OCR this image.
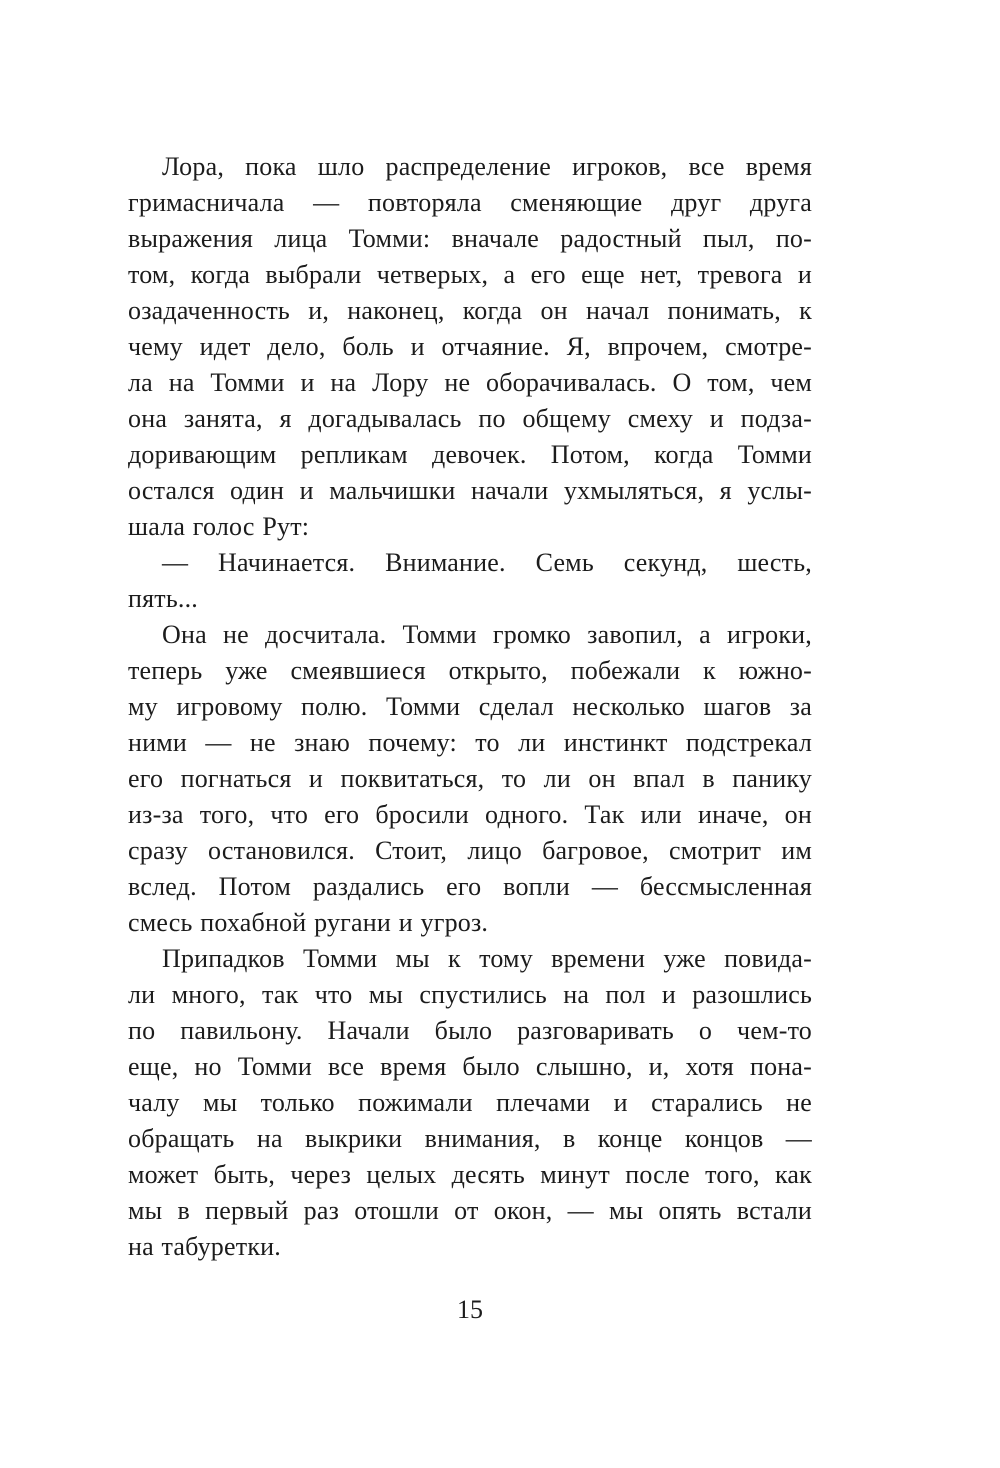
Лора, пока шло распределение игроков, все время
гримасничала — повторяла сменяющие друг друга
выражения лица Томми: вначале радостный пыл, по-
том, когда выбрали четверых, а его еще нет, тревога и
озадаченность и, наконец, когда он начал понимать, к
чему идет дело, боль и отчаяние. Я, впрочем, смотре-
ла на Томми и на Лору не оборачивалась. О том, чем
она занята, я догадывалась по общему смеху и подза-
доривающим репликам девочек. Потом, когда Томми
остался один и мальчишки начали ухмыляться, я услы-
шала голос Рут:
— Начинается. Внимание. Семь секунд, шесть,
пять...
Она не досчитала. Томми громко завопил, а игроки,
теперь уже смеявшиеся открыто, побежали к южно-
му игровому полю. Томми сделал несколько шагов за
ними — не знаю почему: то ли инстинкт подстрекал
его погнаться и поквитаться, то ли он впал в панику
из-за того, что его бросили одного. Так или иначе, он
сразу остановился. Стоит, лицо багровое, смотрит им
вслед. Потом раздались его вопли — бессмысленная
смесь похабной ругани и угроз.
Припадков Томми мы к тому времени уже повида-
ли много, так что мы спустились на пол и разошлись
по павильону. Начали было разговаривать о чем-то
еще, но Томми все время было слышно, и, хотя пона-
чалу мы только пожимали плечами и старались не
обращать на выкрики внимания, в конце концов —
может быть, через целых десять минут после того, как
мы в первый раз отошли от окон, — мы опять встали
на табуретки.
15
